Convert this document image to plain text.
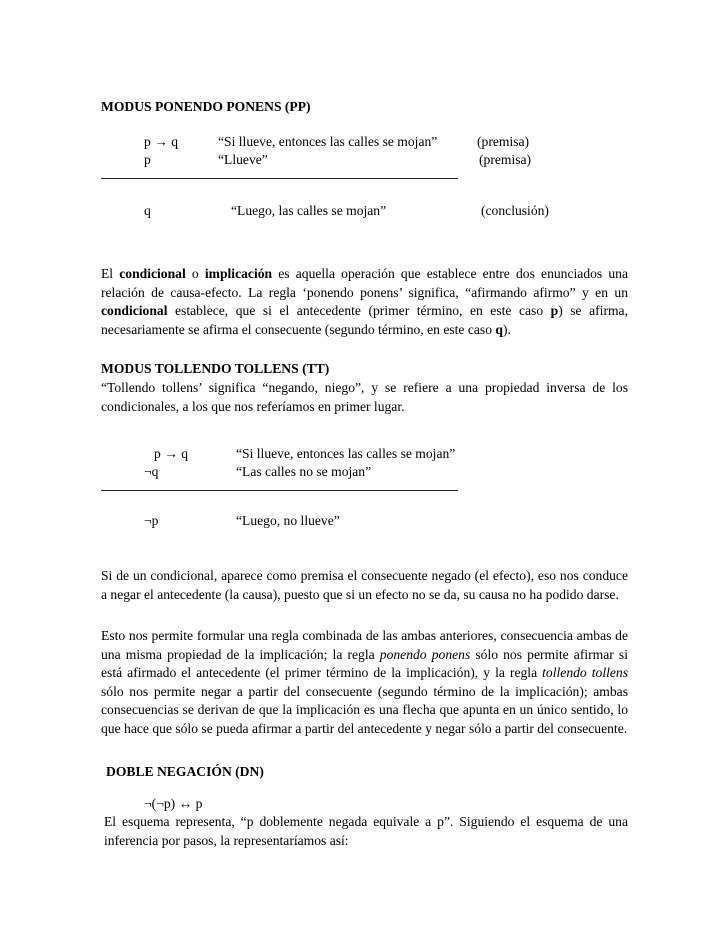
MODUS PONENDO PONENS (PP)
p → q	“Si llueve, entonces las calles se mojan”	(premisa)
p	“Llueve”	(premisa)
q	“Luego, las calles se mojan”	(conclusión)

El condicional o implicación es aquella operación que establece entre dos enunciados una relación de causa-efecto. La regla ‘ponendo ponens’ significa, “afirmando afirmo” y en un condicional establece, que si el antecedente (primer término, en este caso p) se afirma, necesariamente se afirma el consecuente (segundo término, en este caso q).

MODUS TOLLENDO TOLLENS (TT)

“Tollendo tollens’ significa “negando, niego”, y se refiere a una propiedad inversa de los condicionales, a los que nos referíamos en primer lugar.

p → q	“Si llueve, entonces las calles se mojan”
¬q	“Las calles no se mojan”
¬p	“Luego, no llueve”

Si de un condicional, aparece como premisa el consecuente negado (el efecto), eso nos conduce a negar el antecedente (la causa), puesto que si un efecto no se da, su causa no ha podido darse.

Esto nos permite formular una regla combinada de las ambas anteriores, consecuencia ambas de una misma propiedad de la implicación; la regla ponendo ponens sólo nos permite afirmar si está afirmado el antecedente (el primer término de la implicación), y la regla tollendo tollens sólo nos permite negar a partir del consecuente (segundo término de la implicación); ambas consecuencias se derivan de que la implicación es una flecha que apunta en un único sentido, lo que hace que sólo se pueda afirmar a partir del antecedente y negar sólo a partir del consecuente.

DOBLE NEGACIÓN (DN)
¬(¬p) ↔ p

El esquema representa, “p doblemente negada equivale a p”. Siguiendo el esquema de una inferencia por pasos, la representaríamos así:
